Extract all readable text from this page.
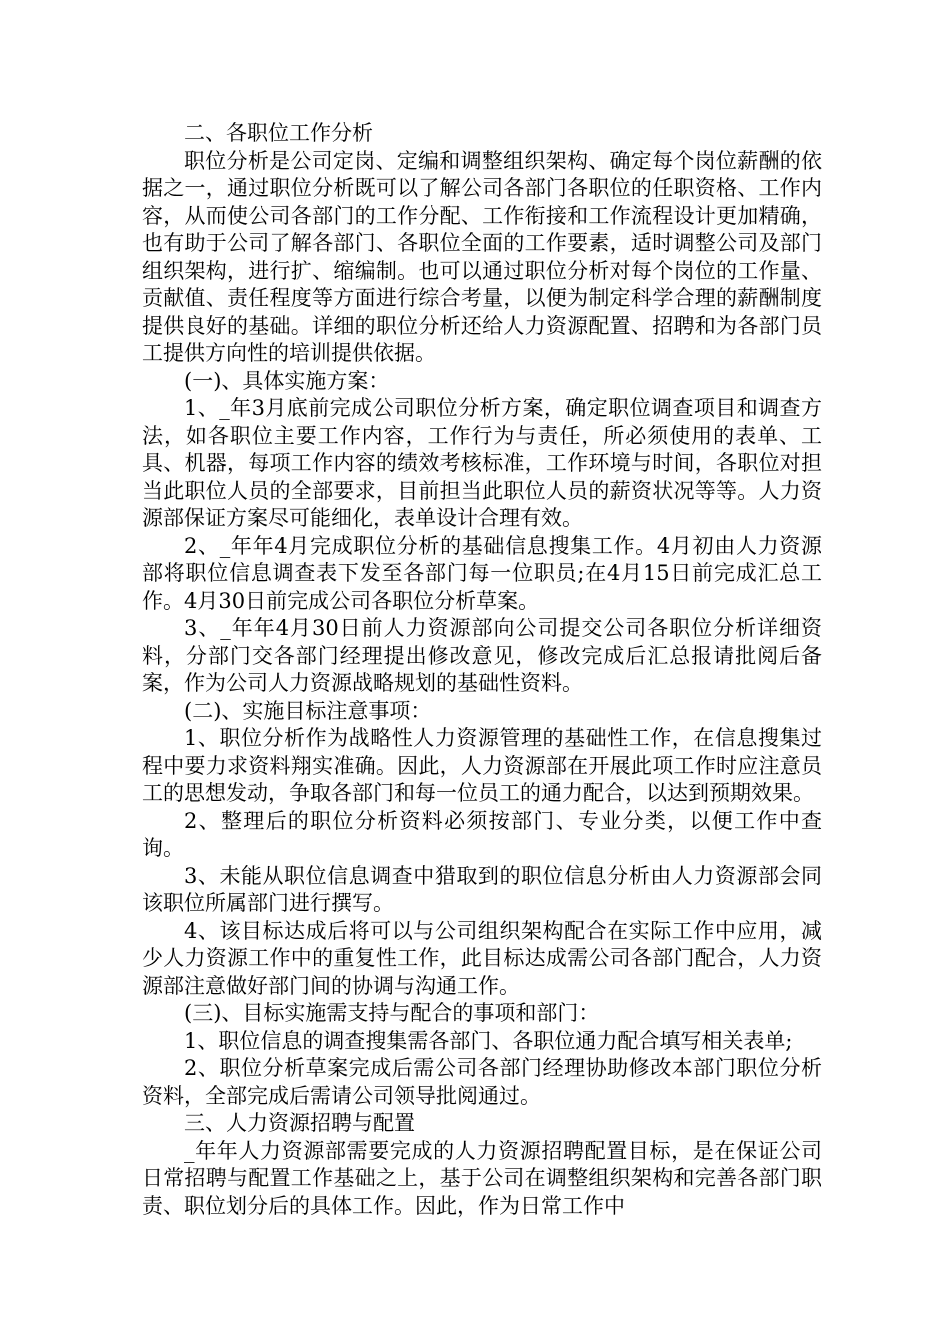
二、各职位工作分析

职位分析是公司定岗、定编和调整组织架构、确定每个岗位薪酬的依据之一，通过职位分析既可以了解公司各部门各职位的任职资格、工作内容，从而使公司各部门的工作分配、工作衔接和工作流程设计更加精确，也有助于公司了解各部门、各职位全面的工作要素，适时调整公司及部门组织架构，进行扩、缩编制。也可以通过职位分析对每个岗位的工作量、贡献值、责任程度等方面进行综合考量，以便为制定科学合理的薪酬制度提供良好的基础。详细的职位分析还给人力资源配置、招聘和为各部门员工提供方向性的培训提供依据。

(一)、具体实施方案：

1、_年3月底前完成公司职位分析方案，确定职位调查项目和调查方法，如各职位主要工作内容，工作行为与责任，所必须使用的表单、工具、机器，每项工作内容的绩效考核标准，工作环境与时间，各职位对担当此职位人员的全部要求，目前担当此职位人员的薪资状况等等。人力资源部保证方案尽可能细化，表单设计合理有效。

2、_年年4月完成职位分析的基础信息搜集工作。4月初由人力资源部将职位信息调查表下发至各部门每一位职员;在4月15日前完成汇总工作。4月30日前完成公司各职位分析草案。

3、_年年4月30日前人力资源部向公司提交公司各职位分析详细资料，分部门交各部门经理提出修改意见，修改完成后汇总报请批阅后备案，作为公司人力资源战略规划的基础性资料。

(二)、实施目标注意事项：

1、职位分析作为战略性人力资源管理的基础性工作，在信息搜集过程中要力求资料翔实准确。因此，人力资源部在开展此项工作时应注意员工的思想发动，争取各部门和每一位员工的通力配合，以达到预期效果。

2、整理后的职位分析资料必须按部门、专业分类，以便工作中查询。

3、未能从职位信息调查中猎取到的职位信息分析由人力资源部会同该职位所属部门进行撰写。

4、该目标达成后将可以与公司组织架构配合在实际工作中应用，减少人力资源工作中的重复性工作，此目标达成需公司各部门配合，人力资源部注意做好部门间的协调与沟通工作。

(三)、目标实施需支持与配合的事项和部门：

1、职位信息的调查搜集需各部门、各职位通力配合填写相关表单;

2、职位分析草案完成后需公司各部门经理协助修改本部门职位分析资料，全部完成后需请公司领导批阅通过。

三、人力资源招聘与配置

_年年人力资源部需要完成的人力资源招聘配置目标，是在保证公司日常招聘与配置工作基础之上，基于公司在调整组织架构和完善各部门职责、职位划分后的具体工作。因此，作为日常工作中
